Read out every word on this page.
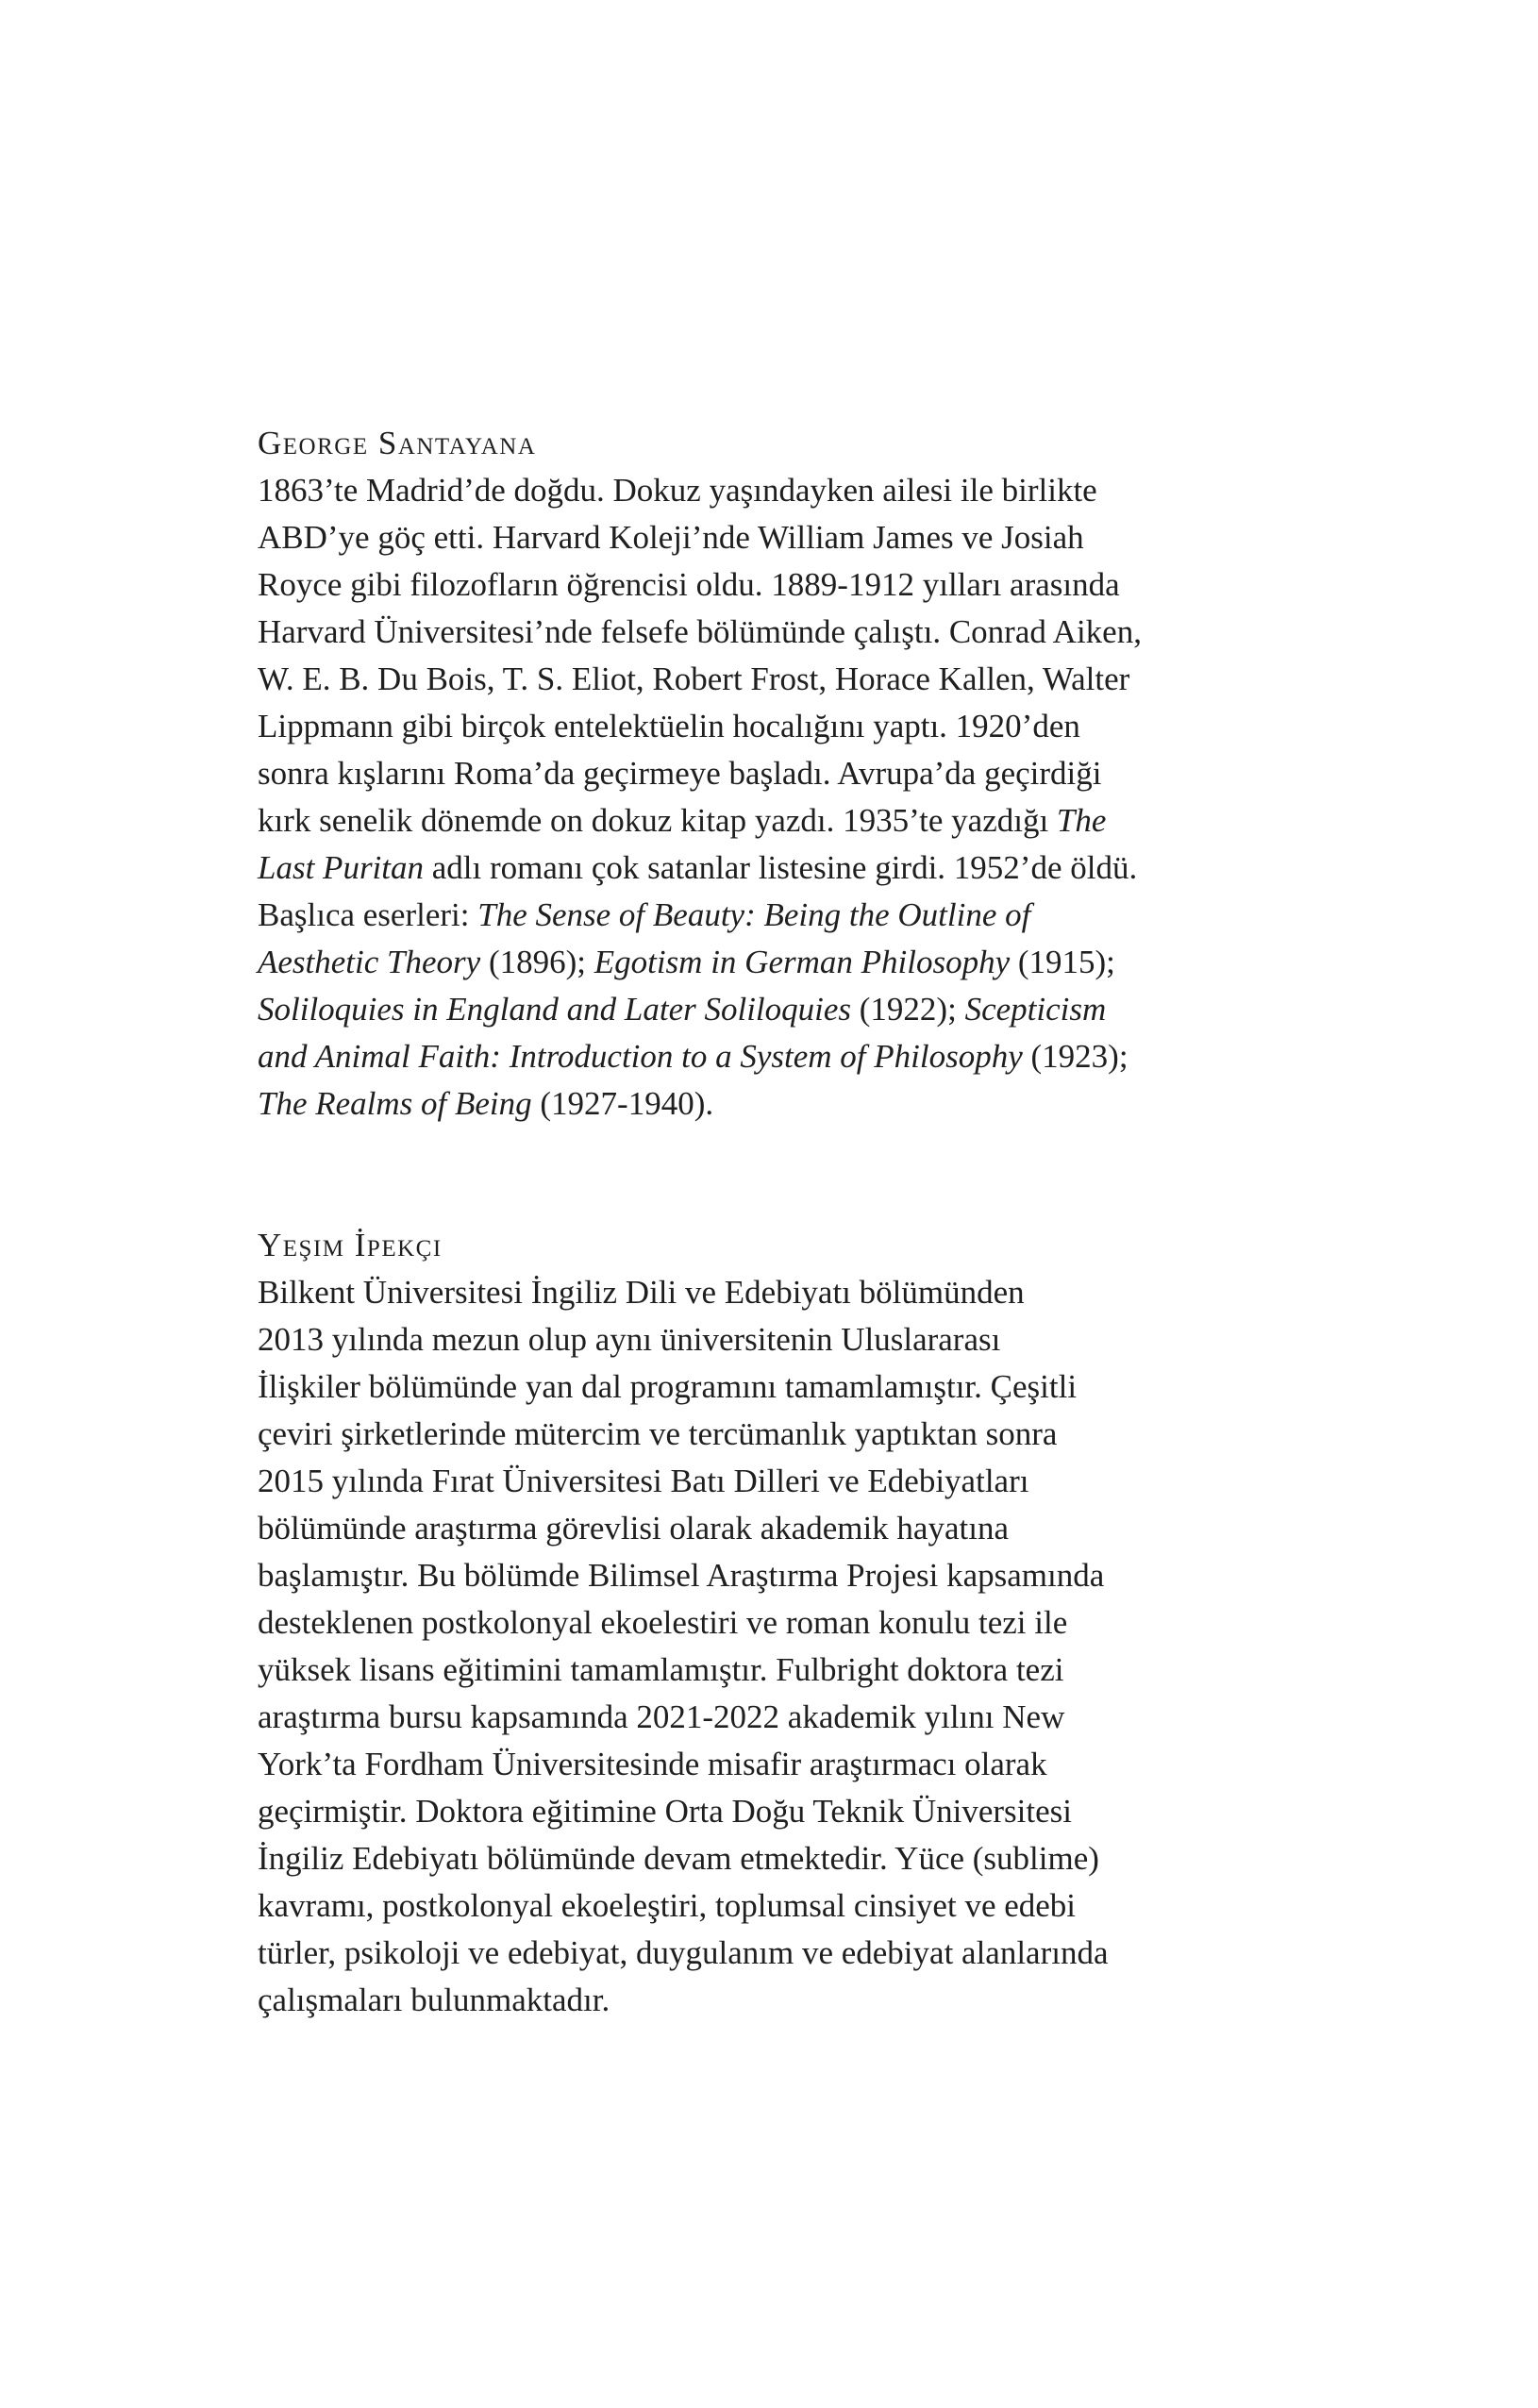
George Santayana
1863’te Madrid’de doğdu. Dokuz yaşındayken ailesi ile birlikte
ABD’ye göç etti. Harvard Koleji’nde William James ve Josiah
Royce gibi filozofların öğrencisi oldu. 1889-1912 yılları arasında
Harvard Üniversitesi’nde felsefe bölümünde çalıştı. Conrad Aiken,
W. E. B. Du Bois, T. S. Eliot, Robert Frost, Horace Kallen, Walter
Lippmann gibi birçok entelektüelin hocalığını yaptı. 1920’den
sonra kışlarını Roma’da geçirmeye başladı. Avrupa’da geçirdiği
kırk senelik dönemde on dokuz kitap yazdı. 1935’te yazdığı The
Last Puritan adlı romanı çok satanlar listesine girdi. 1952’de öldü.
Başlıca eserleri: The Sense of Beauty: Being the Outline of
Aesthetic Theory (1896); Egotism in German Philosophy (1915);
Soliloquies in England and Later Soliloquies (1922); Scepticism
and Animal Faith: Introduction to a System of Philosophy (1923);
The Realms of Being (1927-1940).
Yeşim İpekçi
Bilkent Üniversitesi İngiliz Dili ve Edebiyatı bölümünden
2013 yılında mezun olup aynı üniversitenin Uluslararası
İlişkiler bölümünde yan dal programını tamamlamıştır. Çeşitli
çeviri şirketlerinde mütercim ve tercümanlık yaptıktan sonra
2015 yılında Fırat Üniversitesi Batı Dilleri ve Edebiyatları
bölümünde araştırma görevlisi olarak akademik hayatına
başlamıştır. Bu bölümde Bilimsel Araştırma Projesi kapsamında
desteklenen postkolonyal ekoelestiri ve roman konulu tezi ile
yüksek lisans eğitimini tamamlamıştır. Fulbright doktora tezi
araştırma bursu kapsamında 2021-2022 akademik yılını New
York’ta Fordham Üniversitesinde misafir araştırmacı olarak
geçirmiştir. Doktora eğitimine Orta Doğu Teknik Üniversitesi
İngiliz Edebiyatı bölümünde devam etmektedir. Yüce (sublime)
kavramı, postkolonyal ekoeleştiri, toplumsal cinsiyet ve edebi
türler, psikoloji ve edebiyat, duygulanım ve edebiyat alanlarında
çalışmaları bulunmaktadır.
